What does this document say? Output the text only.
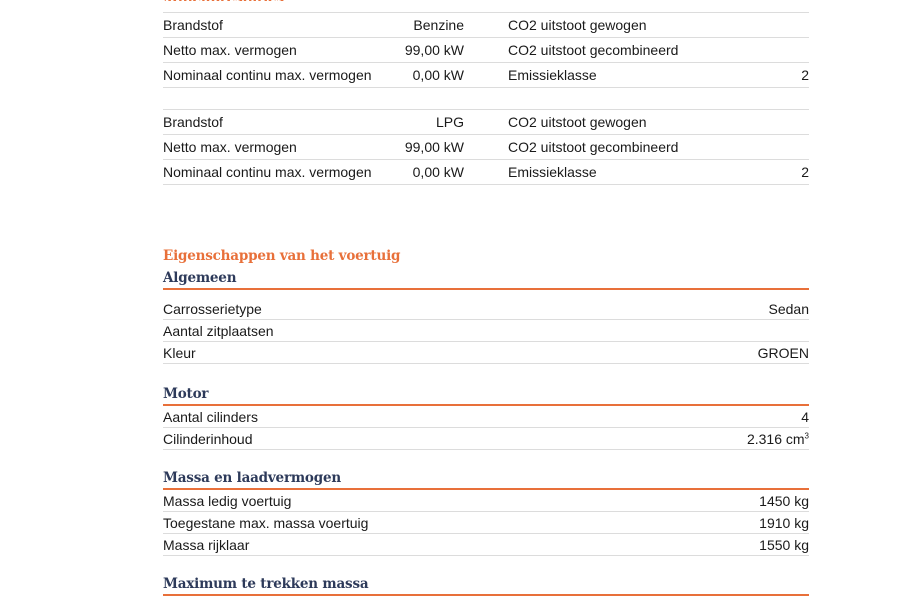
Brandstof	Benzine	CO2 uitstoot gewogen
Netto max. vermogen	99,00 kW	CO2 uitstoot gecombineerd
Nominaal continu max. vermogen	0,00 kW	Emissieklasse	2
Brandstof	LPG	CO2 uitstoot gewogen
Netto max. vermogen	99,00 kW	CO2 uitstoot gecombineerd
Nominaal continu max. vermogen	0,00 kW	Emissieklasse	2
Eigenschappen van het voertuig
Algemeen
Carrosserietype	Sedan
Aantal zitplaatsen
Kleur	GROEN
Motor
Aantal cilinders	4
Cilinderinhoud	2.316 $cm^3$
Massa en laadvermogen
Massa ledig voertuig	1450 kg
Toegestane max. massa voertuig	1910 kg
Massa rijklaar	1550 kg
Maximum te trekken massa
